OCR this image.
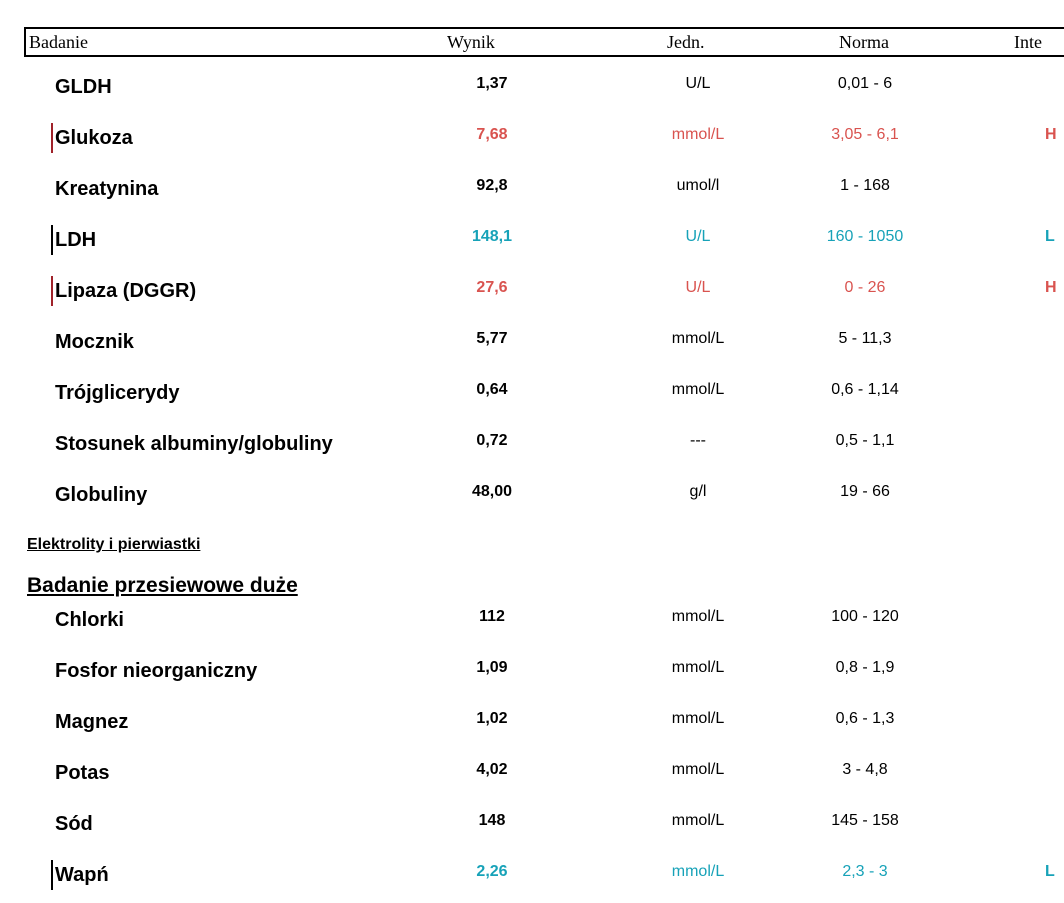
Badanie	Wynik	Jedn.	Norma	Inte
GLDH	1,37	U/L	0,01 - 6
Glukoza	7,68	mmol/L	3,05 - 6,1	H
Kreatynina	92,8	umol/l	1 - 168
LDH	148,1	U/L	160 - 1050	L
Lipaza (DGGR)	27,6	U/L	0 - 26	H
Mocznik	5,77	mmol/L	5 - 11,3
Trójglicerydy	0,64	mmol/L	0,6 - 1,14
Stosunek albuminy/globuliny	0,72	---	0,5 - 1,1
Globuliny	48,00	g/l	19 - 66
Elektrolity i pierwiastki
Badanie przesiewowe duże
Chlorki	112	mmol/L	100 - 120
Fosfor nieorganiczny	1,09	mmol/L	0,8 - 1,9
Magnez	1,02	mmol/L	0,6 - 1,3
Potas	4,02	mmol/L	3 - 4,8
Sód	148	mmol/L	145 - 158
Wapń	2,26	mmol/L	2,3 - 3	L
